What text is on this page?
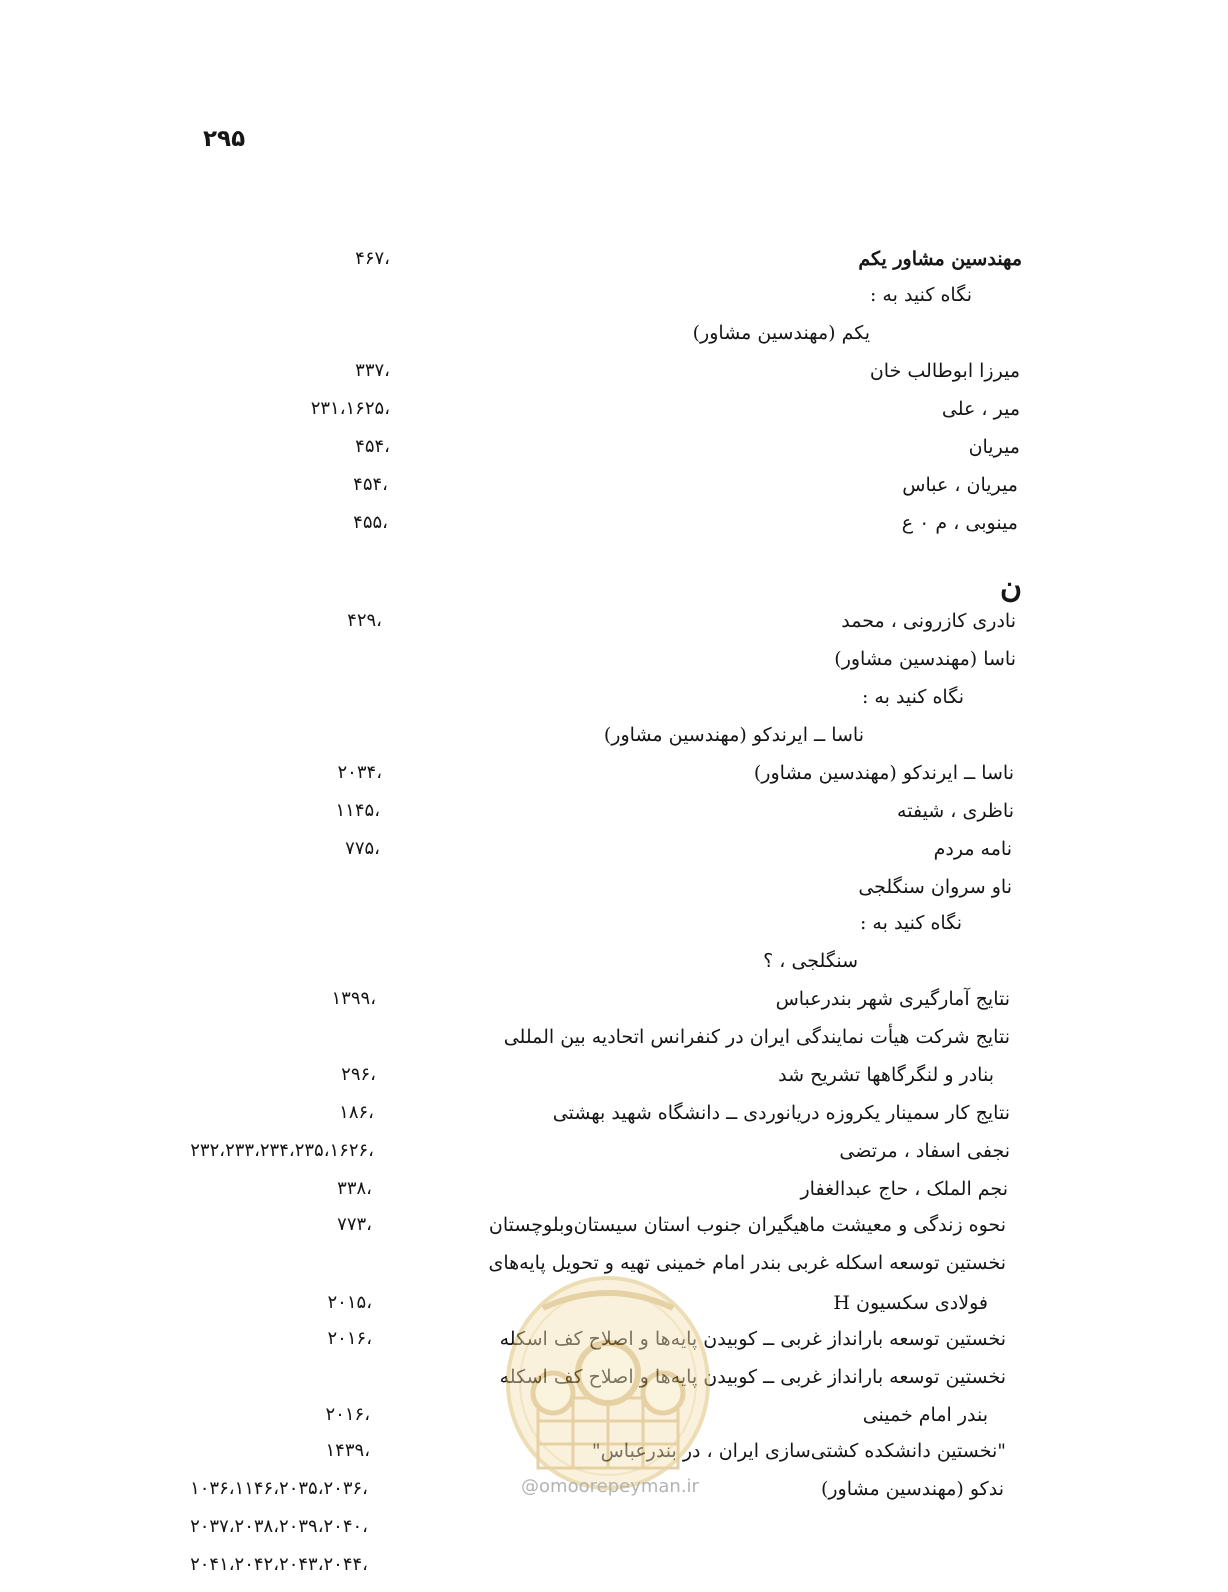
۲۹۵
مهندسین مشاور یکم
۴۶۷،
نگاه کنید به :
یکم (مهندسین مشاور)
میرزا ابوطالب خان
۳۳۷،
میر ، علی
۲۳۱،۱۶۲۵،
میریان
۴۵۴،
میریان ، عباس
۴۵۴،
مینوبی ، م ۰ ع
۴۵۵،
ن
نادری کازرونی ، محمد
۴۲۹،
ناسا (مهندسین مشاور)
نگاه کنید به :
ناسا ــ ایرندکو (مهندسین مشاور)
ناسا ــ ایرندکو (مهندسین مشاور)
۲۰۳۴،
ناظری ، شیفته
۱۱۴۵،
نامه مردم
۷۷۵،
ناو سروان سنگلجی
نگاه کنید به :
سنگلجی ، ؟
نتایج آمارگیری شهر بندرعباس
۱۳۹۹،
نتایج شرکت هیأت نمایندگی ایران در کنفرانس اتحادیه بین المللی
بنادر و لنگرگاهها تشریح شد
۲۹۶،
نتایج کار سمینار یکروزه دریانوردی ــ دانشگاه شهید بهشتی
۱۸۶،
نجفی اسفاد ، مرتضی
۲۳۲،۲۳۳،۲۳۴،۲۳۵،۱۶۲۶،
نجم الملک ، حاج عبدالغفار
۳۳۸،
نحوه زندگی و معیشت ماهیگیران جنوب استان سیستان‌وبلوچستان
۷۷۳،
نخستین توسعه اسکله غربی بندر امام خمینی تهیه و تحویل پایه‌های
فولادی سکسیون H
۲۰۱۵،
نخستین توسعه بارانداز غربی ــ کوبیدن پایه‌ها و اصلاح کف اسکله
۲۰۱۶،
نخستین توسعه بارانداز غربی ــ کوبیدن پایه‌ها و اصلاح کف اسکله
بندر امام خمینی
۲۰۱۶،
"نخستین دانشکده کشتی‌سازی ایران ، در بندرعباس"
۱۴۳۹،
ندکو (مهندسین مشاور)
۱۰۳۶،۱۱۴۶،۲۰۳۵،۲۰۳۶،
۲۰۳۷،۲۰۳۸،۲۰۳۹،۲۰۴۰،
۲۰۴۱،۲۰۴۲،۲۰۴۳،۲۰۴۴،
@omoorepeyman.ir
